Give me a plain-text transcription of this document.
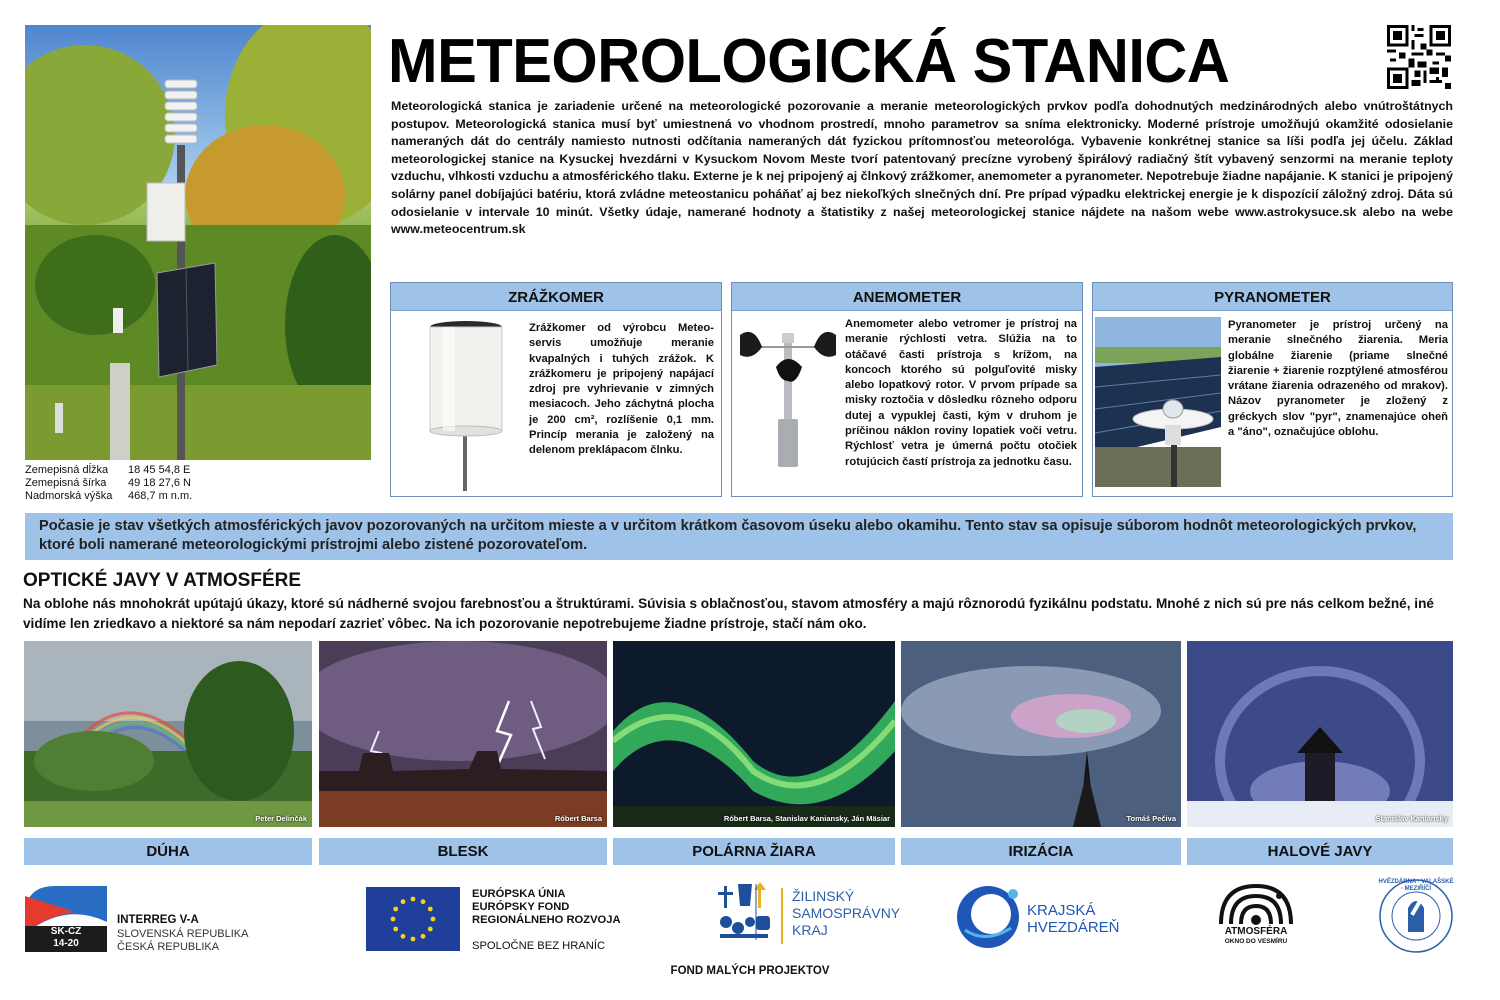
Zemepisná dĺžka	18 45 54,8 E
Zemepisná šírka	49 18 27,6 N
Nadmorská výška	468,7 m n.m.
METEOROLOGICKÁ STANICA

Meteorologická stanica je zariadenie určené na meteorologické pozorovanie a meranie meteorologických prvkov podľa dohodnutých medzinárodných alebo vnútroštátnych postupov. Meteorologická stanica musí byť umiestnená vo vhodnom prostredí, mnoho parametrov sa sníma elektronicky. Moderné prístroje umožňujú okamžité odosielanie nameraných dát do centrály namiesto nutnosti odčítania nameraných dát fyzickou prítomnosťou meteorológa. Vybavenie konkrétnej stanice sa líši podľa jej účelu. Základ meteorologickej stanice na Kysuckej hvezdárni v Kysuckom Novom Meste tvorí patentovaný precízne vyrobený špirálový radiačný štít vybavený senzormi na meranie teploty vzduchu, vlhkosti vzduchu a atmosférického tlaku. Externe je k nej pripojený aj člnkový zrážkomer, anemometer a pyranometer. Nepotrebuje žiadne napájanie. K stanici je pripojený solárny panel dobíjajúci batériu, ktorá zvládne meteostanicu poháňať aj bez niekoľkých slnečných dní. Pre prípad výpadku elektrickej energie je k dispozícií záložný zdroj. Dáta sú odosielanie v intervale 10 minút. Všetky údaje, namerané hodnoty a štatistiky z našej meteorologickej stanice nájdete na našom webe www.astrokysuce.sk alebo na webe www.meteocentrum.sk

ZRÁŽKOMER

Zrážkomer od výrobcu Meteo-servis umožňuje meranie kvapalných i tuhých zrážok. K zrážkomeru je pripojený napájací zdroj pre vyhrievanie v zimných mesiacoch. Jeho záchytná plocha je 200 cm², rozlíšenie 0,1 mm. Princíp merania je založený na delenom preklápacom člnku.

ANEMOMETER

Anemometer alebo vetromer je prístroj na meranie rýchlosti vetra. Slúžia na to otáčavé časti prístroja s krížom, na koncoch ktorého sú polguľovité misky alebo lopatkový rotor. V prvom prípade sa misky roztočia v dôsledku rôzneho odporu dutej a vypuklej časti, kým v druhom je príčinou náklon roviny lopatiek voči vetru. Rýchlosť vetra je úmerná počtu otočiek rotujúcich častí prístroja za jednotku času.

PYRANOMETER

Pyranometer je prístroj určený na meranie slnečného žiarenia. Meria globálne žiarenie (priame slnečné žiarenie + žiarenie rozptýlené atmosférou vrátane žiarenia odrazeného od mrakov). Názov pyranometer je zložený z gréckych slov "pyr", znamenajúce oheň a "áno", označujúce oblohu.

Počasie je stav všetkých atmosférických javov pozorovaných na určitom mieste a v určitom krátkom časovom úseku alebo okamihu. Tento stav sa opisuje súborom hodnôt meteorologických prvkov, ktoré boli namerané meteorologickými prístrojmi alebo zistené pozorovateľom.
OPTICKÉ JAVY V ATMOSFÉRE

Na oblohe nás mnohokrát upútajú úkazy, ktoré sú nádherné svojou farebnosťou a štruktúrami. Súvisia s oblačnosťou, stavom atmosféry a majú rôznorodú fyzikálnu podstatu. Mnohé z nich sú pre nás celkom bežné, iné vidíme len zriedkavo a niektoré sa nám nepodarí zazrieť vôbec. Na ich pozorovanie nepotrebujeme žiadne prístroje, stačí nám oko.

Peter Delinčák	Róbert Barsa	Róbert Barsa, Stanislav Kaniansky, Ján Mäsiar	Tomáš Pečiva	Stanislav Kaniansky
DÚHA	BLESK	POLÁRNA ŽIARA	IRIZÁCIA	HALOVÉ JAVY
SK-CZ
14-20
INTERREG V-A
SLOVENSKÁ REPUBLIKA
ČESKÁ REPUBLIKA
EURÓPSKA ÚNIA
EURÓPSKY FOND
REGIONÁLNEHO ROZVOJA
SPOLOČNE BEZ HRANÍC
ŽILINSKÝ
SAMOSPRÁVNY
KRAJ
KRAJSKÁ
HVEZDÁREŇ	ATMOSFÉRA
OKNO DO VESMÍRU
HVĚZDÁRNA · VALAŠSKÉ · MEZIŘÍČÍ
FOND MALÝCH PROJEKTOV
